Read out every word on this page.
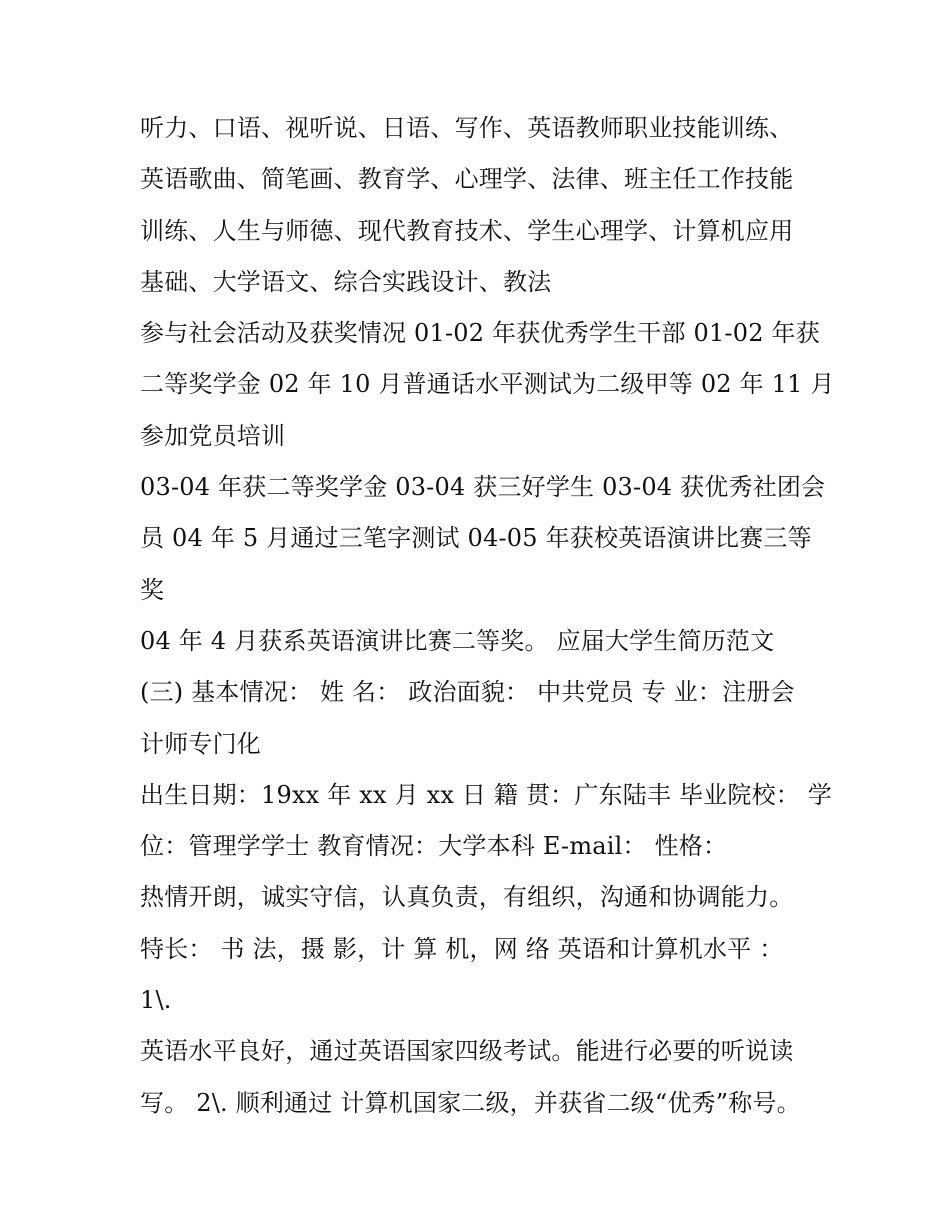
听力、口语、视听说、日语、写作、英语教师职业技能训练、
英语歌曲、简笔画、教育学、心理学、法律、班主任工作技能
训练、人生与师德、现代教育技术、学生心理学、计算机应用
基础、大学语文、综合实践设计、教法
参与社会活动及获奖情况 01-02 年获优秀学生干部 01-02 年获
二等奖学金 02 年 10 月普通话水平测试为二级甲等 02 年 11 月
参加党员培训
03-04 年获二等奖学金 03-04 获三好学生 03-04 获优秀社团会
员 04 年 5 月通过三笔字测试 04-05 年获校英语演讲比赛三等
奖
04 年 4 月获系英语演讲比赛二等奖。 应届大学生简历范文
(三) 基本情况： 姓 名： 政治面貌： 中共党员 专 业：注册会
计师专门化
出生日期：19xx 年 xx 月 xx 日 籍 贯：广东陆丰 毕业院校： 学
位：管理学学士 教育情况：大学本科 E-mail： 性格：
热情开朗，诚实守信，认真负责，有组织，沟通和协调能力。
特长： 书 法，摄 影，计 算 机，网 络 英语和计算机水平 ：
1\.
英语水平良好，通过英语国家四级考试。能进行必要的听说读
写。 2\. 顺利通过 计算机国家二级，并获省二级“优秀”称号。
